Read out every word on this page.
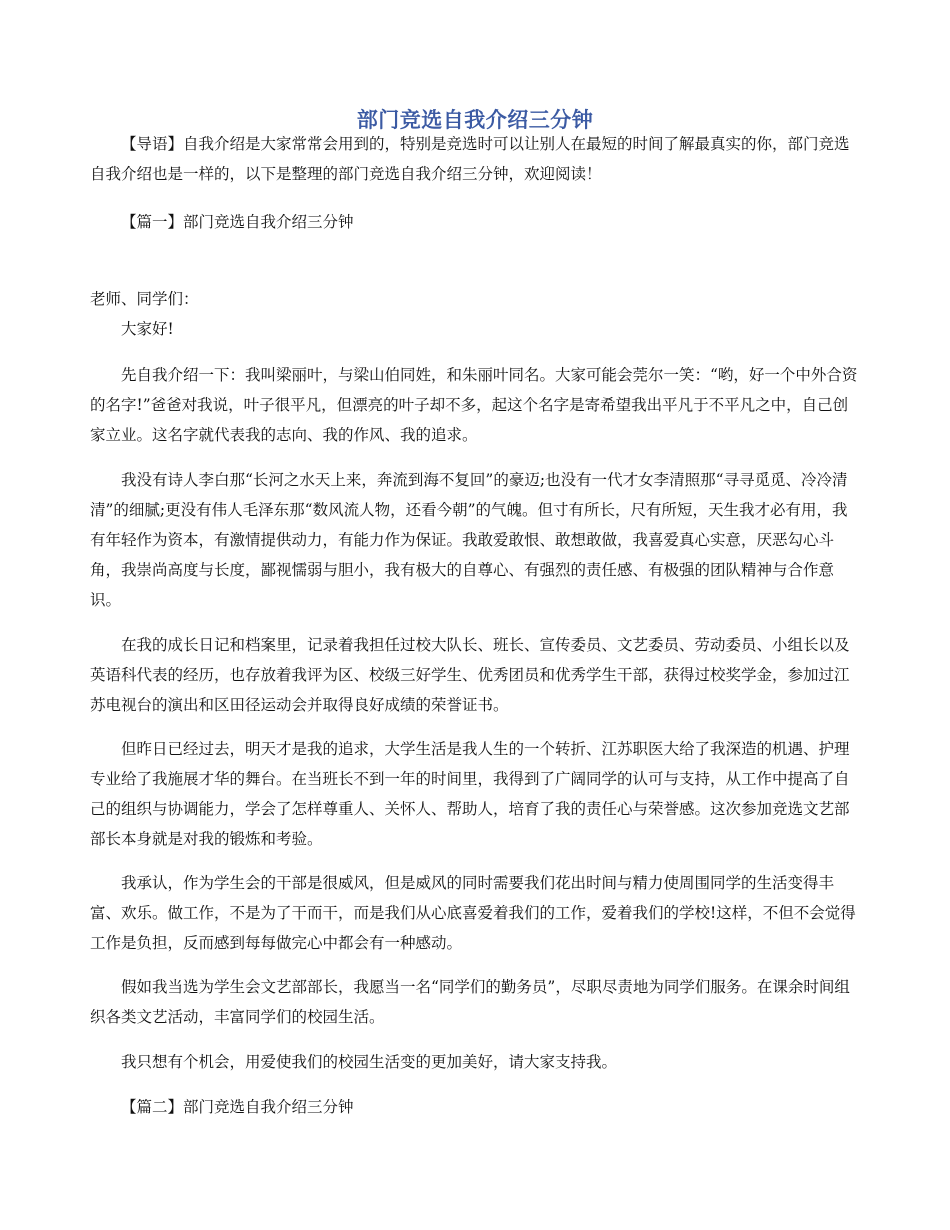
部门竞选自我介绍三分钟

【导语】自我介绍是大家常常会用到的，特别是竞选时可以让别人在最短的时间了解最真实的你，部门竞选自我介绍也是一样的，以下是整理的部门竞选自我介绍三分钟，欢迎阅读！

【篇一】部门竞选自我介绍三分钟

老师、同学们：

大家好!

先自我介绍一下：我叫梁丽叶，与梁山伯同姓，和朱丽叶同名。大家可能会莞尔一笑：“哟，好一个中外合资的名字!”爸爸对我说，叶子很平凡，但漂亮的叶子却不多，起这个名字是寄希望我出平凡于不平凡之中，自己创家立业。这名字就代表我的志向、我的作风、我的追求。

我没有诗人李白那“长河之水天上来，奔流到海不复回”的豪迈;也没有一代才女李清照那“寻寻觅觅、冷冷清清”的细腻;更没有伟人毛泽东那“数风流人物，还看今朝”的气魄。但寸有所长，尺有所短，天生我才必有用，我有年轻作为资本，有激情提供动力，有能力作为保证。我敢爱敢恨、敢想敢做，我喜爱真心实意，厌恶勾心斗角，我崇尚高度与长度，鄙视懦弱与胆小，我有极大的自尊心、有强烈的责任感、有极强的团队精神与合作意识。

在我的成长日记和档案里，记录着我担任过校大队长、班长、宣传委员、文艺委员、劳动委员、小组长以及英语科代表的经历，也存放着我评为区、校级三好学生、优秀团员和优秀学生干部，获得过校奖学金，参加过江苏电视台的演出和区田径运动会并取得良好成绩的荣誉证书。

但昨日已经过去，明天才是我的追求，大学生活是我人生的一个转折、江苏职医大给了我深造的机遇、护理专业给了我施展才华的舞台。在当班长不到一年的时间里，我得到了广阔同学的认可与支持，从工作中提高了自己的组织与协调能力，学会了怎样尊重人、关怀人、帮助人，培育了我的责任心与荣誉感。这次参加竞选文艺部部长本身就是对我的锻炼和考验。

我承认，作为学生会的干部是很威风，但是威风的同时需要我们花出时间与精力使周围同学的生活变得丰富、欢乐。做工作，不是为了干而干，而是我们从心底喜爱着我们的工作，爱着我们的学校!这样，不但不会觉得工作是负担，反而感到每每做完心中都会有一种感动。

假如我当选为学生会文艺部部长，我愿当一名“同学们的勤务员”，尽职尽责地为同学们服务。在课余时间组织各类文艺活动，丰富同学们的校园生活。

我只想有个机会，用爱使我们的校园生活变的更加美好，请大家支持我。

【篇二】部门竞选自我介绍三分钟
